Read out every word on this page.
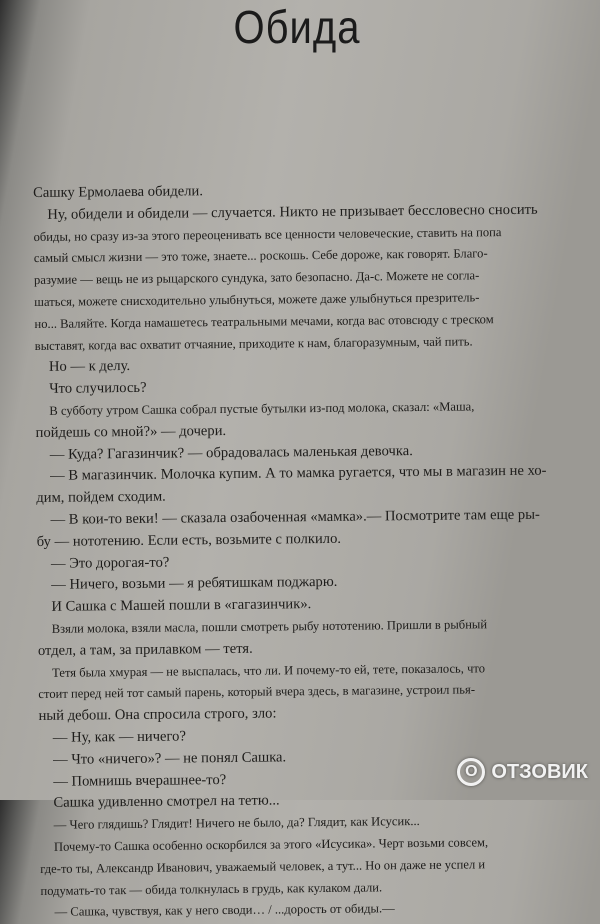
Обида
Сашку Ермолаева обидели.
Ну, обидели и обидели — случается. Никто не призывает бессловесно сносить
обиды, но сразу из-за этого переоценивать все ценности человеческие, ставить на попа
самый смысл жизни — это тоже, знаете... роскошь. Себе дороже, как говорят. Благо-
разумие — вещь не из рыцарского сундука, зато безопасно. Да-с. Можете не согла-
шаться, можете снисходительно улыбнуться, можете даже улыбнуться презритель-
но... Валяйте. Когда намашетесь театральными мечами, когда вас отовсюду с треском
выставят, когда вас охватит отчаяние, приходите к нам, благоразумным, чай пить.
Но — к делу.
Что случилось?
В субботу утром Сашка собрал пустые бутылки из-под молока, сказал: «Маша,
пойдешь со мной?» — дочери.
— Куда? Гагазинчик? — обрадовалась маленькая девочка.
— В магазинчик. Молочка купим. А то мамка ругается, что мы в магазин не хо-
дим, пойдем сходим.
— В кои-то веки! — сказала озабоченная «мамка».— Посмотрите там еще ры-
бу — нототению. Если есть, возьмите с полкило.
— Это дорогая-то?
— Ничего, возьми — я ребятишкам поджарю.
И Сашка с Машей пошли в «гагазинчик».
Взяли молока, взяли масла, пошли смотреть рыбу нототению. Пришли в рыбный
отдел, а там, за прилавком — тетя.
Тетя была хмурая — не выспалась, что ли. И почему-то ей, тете, показалось, что
стоит перед ней тот самый парень, который вчера здесь, в магазине, устроил пья-
ный дебош. Она спросила строго, зло:
— Ну, как — ничего?
— Что «ничего»? — не понял Сашка.
— Помнишь вчерашнее-то?
Сашка удивленно смотрел на тетю...
— Чего глядишь? Глядит! Ничего не было, да? Глядит, как Исусик...
Почему-то Сашка особенно оскорбился за этого «Исусика». Черт возьми совсем,
где-то ты, Александр Иванович, уважаемый человек, а тут... Но он даже не успел и
подумать-то так — обида толкнулась в грудь, как кулаком дали.
— Сашка, чувствуя, как у него своди… / ...дорость от обиды.—
О ОТЗОВИК
